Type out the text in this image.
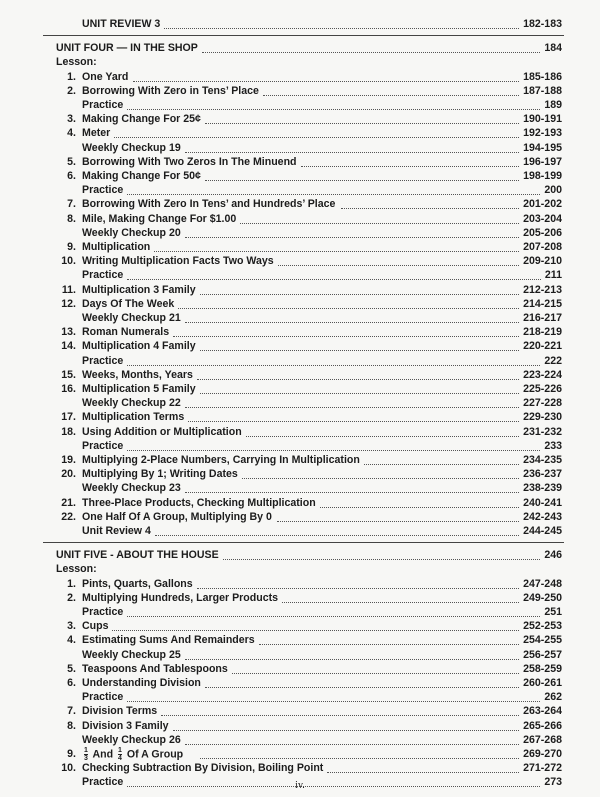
UNIT REVIEW 3	182-183
UNIT FOUR — IN THE SHOP	184
Lesson:
1. One Yard	185-186
2. Borrowing With Zero in Tens’ Place	187-188
Practice	189
3. Making Change For 25¢	190-191
4. Meter	192-193
Weekly Checkup 19	194-195
5. Borrowing With Two Zeros In The Minuend	196-197
6. Making Change For 50¢	198-199
Practice	200
7. Borrowing With Zero In Tens’ and Hundreds’ Place	201-202
8. Mile, Making Change For $1.00	203-204
Weekly Checkup 20	205-206
9. Multiplication	207-208
10. Writing Multiplication Facts Two Ways	209-210
Practice	211
11. Multiplication 3 Family	212-213
12. Days Of The Week	214-215
Weekly Checkup 21	216-217
13. Roman Numerals	218-219
14. Multiplication 4 Family	220-221
Practice	222
15. Weeks, Months, Years	223-224
16. Multiplication 5 Family	225-226
Weekly Checkup 22	227-228
17. Multiplication Terms	229-230
18. Using Addition or Multiplication	231-232
Practice	233
19. Multiplying 2-Place Numbers, Carrying In Multiplication	234-235
20. Multiplying By 1; Writing Dates	236-237
Weekly Checkup 23	238-239
21. Three-Place Products, Checking Multiplication	240-241
22. One Half Of A Group, Multiplying By 0	242-243
Unit Review 4	244-245
UNIT FIVE - ABOUT THE HOUSE	246
Lesson:
1. Pints, Quarts, Gallons	247-248
2. Multiplying Hundreds, Larger Products	249-250
Practice	251
3. Cups	252-253
4. Estimating Sums And Remainders	254-255
Weekly Checkup 25	256-257
5. Teaspoons And Tablespoons	258-259
6. Understanding Division	260-261
Practice	262
7. Division Terms	263-264
8. Division 3 Family	265-266
Weekly Checkup 26	267-268
9. $\frac{1}{3}$ And $\frac{1}{4}$ Of A Group	269-270
10. Checking Subtraction By Division, Boiling Point	271-272
Practice	273
iv.
